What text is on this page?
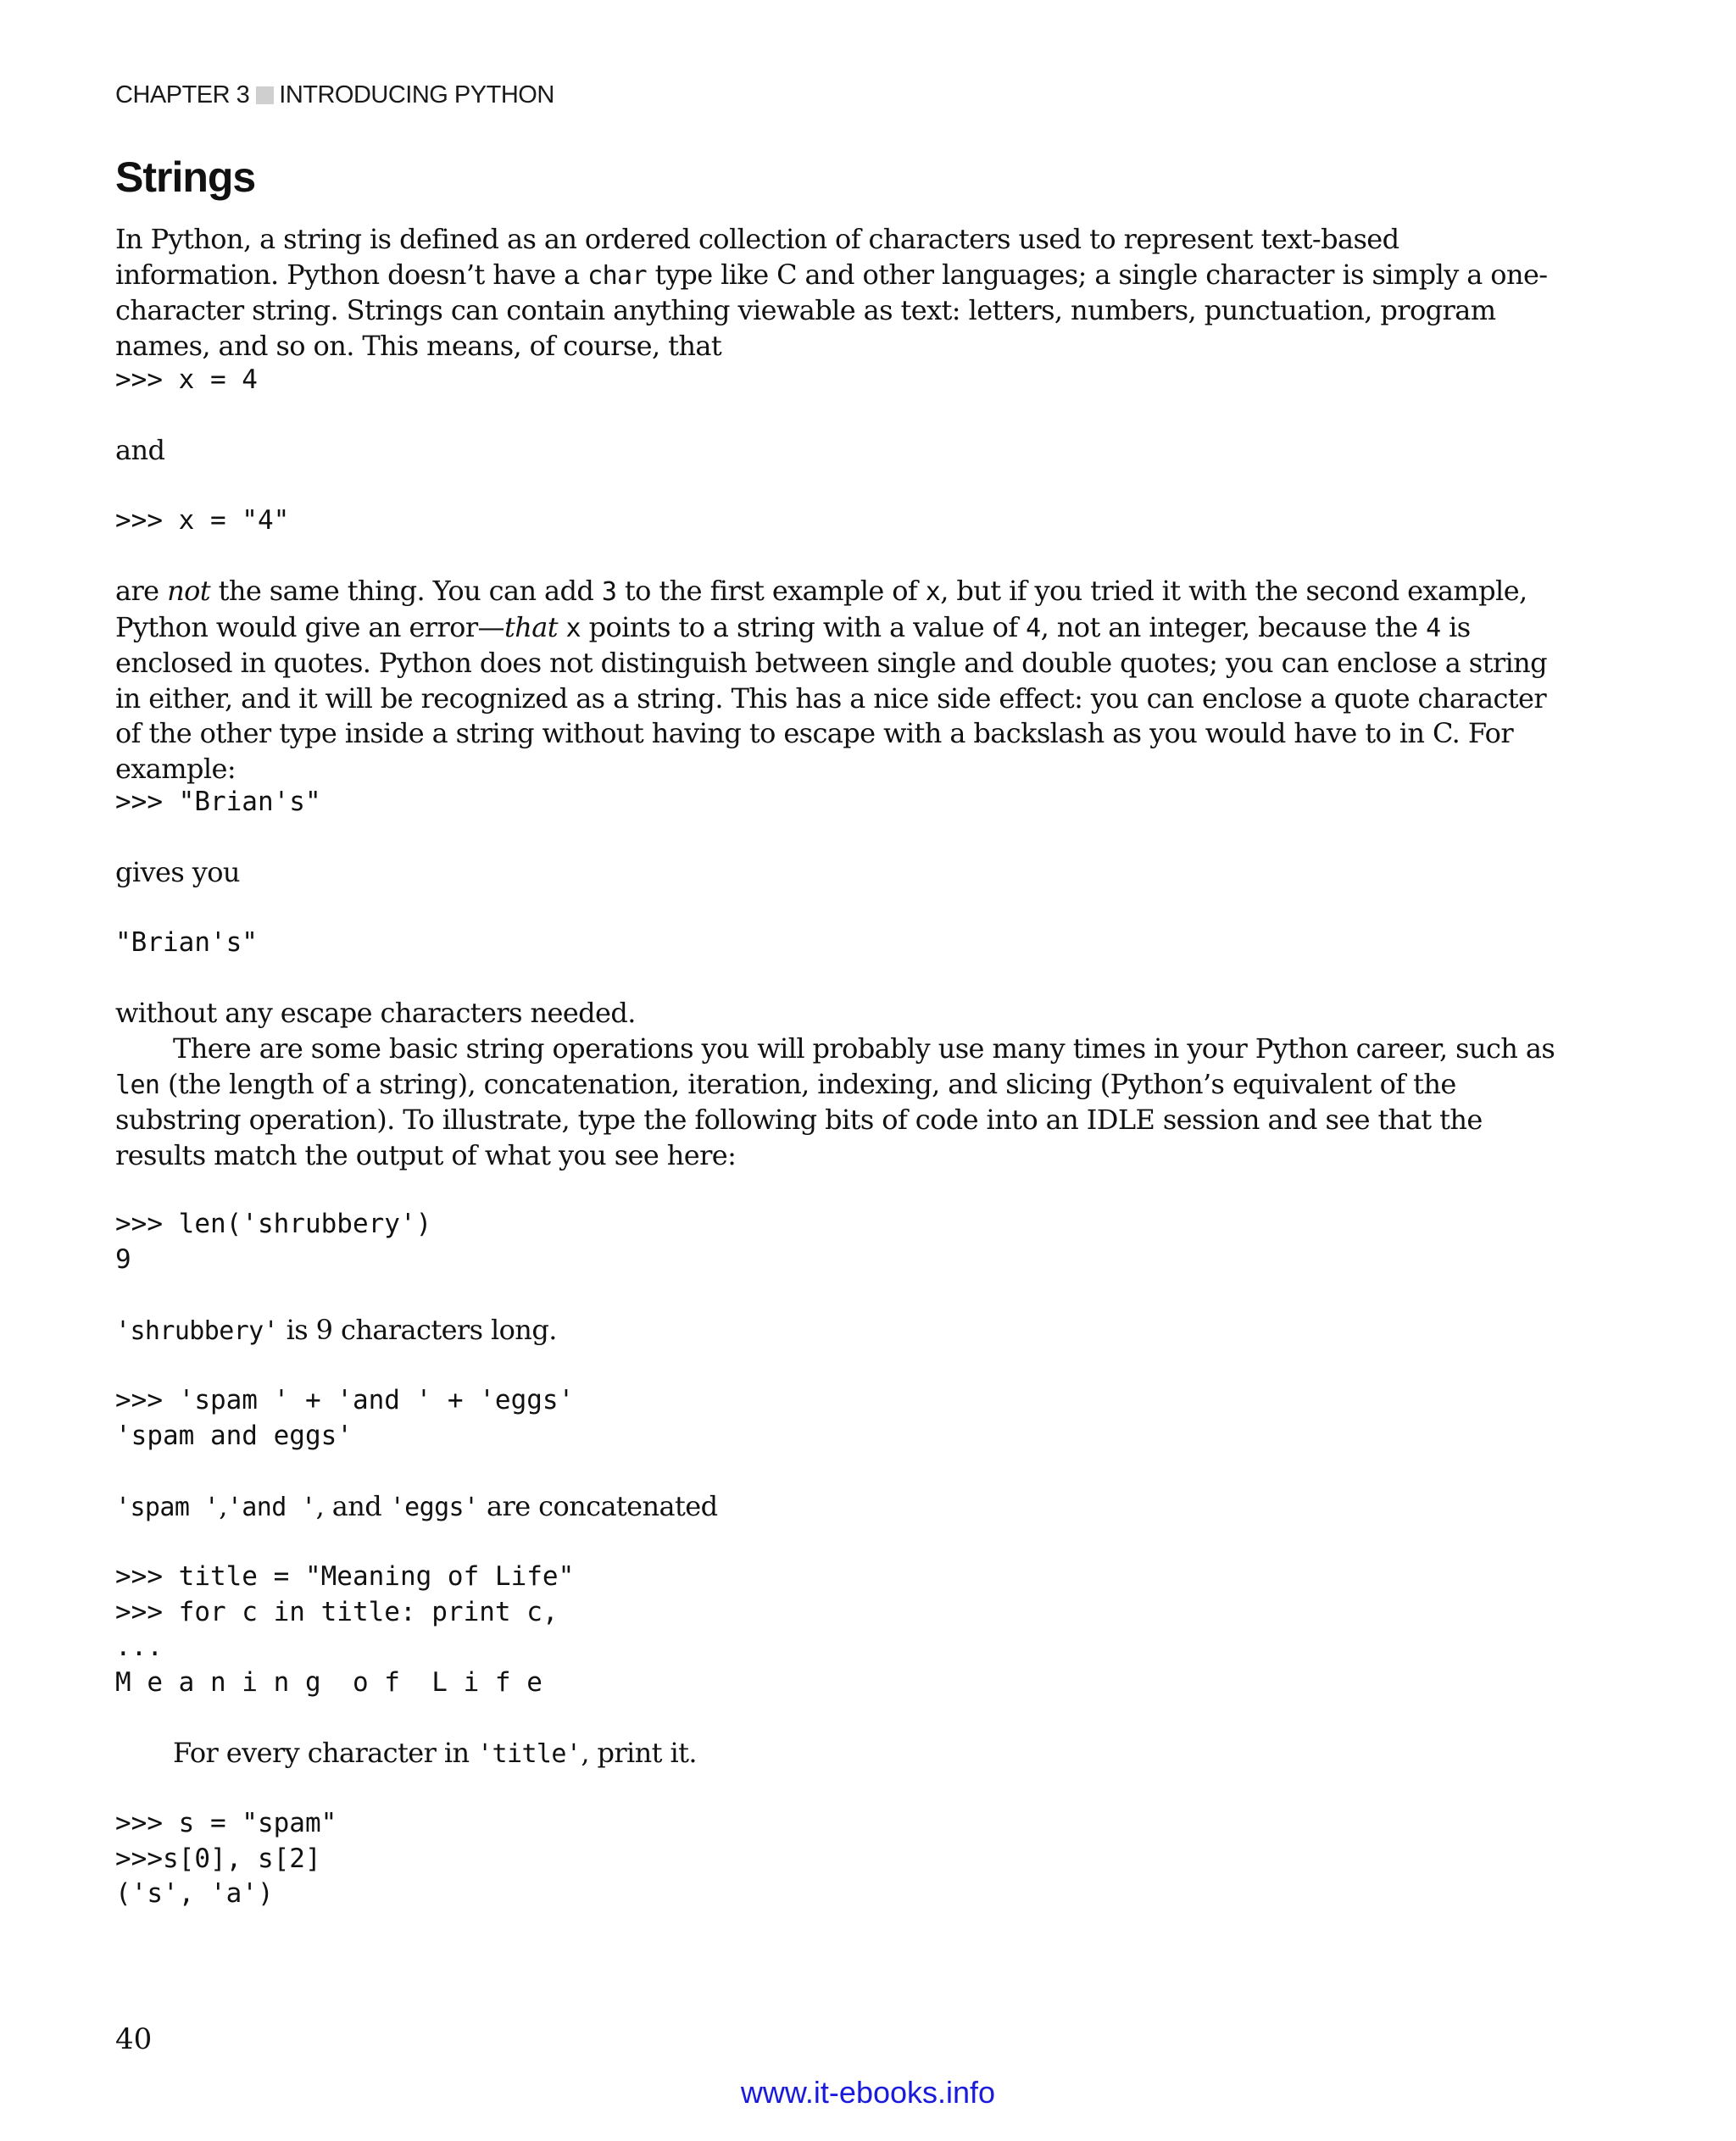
CHAPTER 3 INTRODUCING PYTHON
Strings

In Python, a string is defined as an ordered collection of characters used to represent text-based information. Python doesn’t have a char type like C and other languages; a single character is simply a one-character string. Strings can contain anything viewable as text: letters, numbers, punctuation, program names, and so on. This means, of course, that

>>> x = 4

and

>>> x = "4"

are not the same thing. You can add 3 to the first example of x, but if you tried it with the second example, Python would give an error—that x points to a string with a value of 4, not an integer, because the 4 is enclosed in quotes. Python does not distinguish between single and double quotes; you can enclose a string in either, and it will be recognized as a string. This has a nice side effect: you can enclose a quote character of the other type inside a string without having to escape with a backslash as you would have to in C. For example:

>>> "Brian's"

gives you

"Brian's"

without any escape characters needed.

There are some basic string operations you will probably use many times in your Python career, such as len (the length of a string), concatenation, iteration, indexing, and slicing (Python’s equivalent of the substring operation). To illustrate, type the following bits of code into an IDLE session and see that the results match the output of what you see here:

>>> len('shrubbery')
9

'shrubbery' is 9 characters long.

>>> 'spam ' + 'and ' + 'eggs'
'spam and eggs'

'spam ','and ', and 'eggs' are concatenated

>>> title = "Meaning of Life"
>>> for c in title: print c,
...
M e a n i n g  o f  L i f e

For every character in 'title', print it.

>>> s = "spam"
>>>s[0], s[2]
('s', 'a')
40
www.it-ebooks.info
